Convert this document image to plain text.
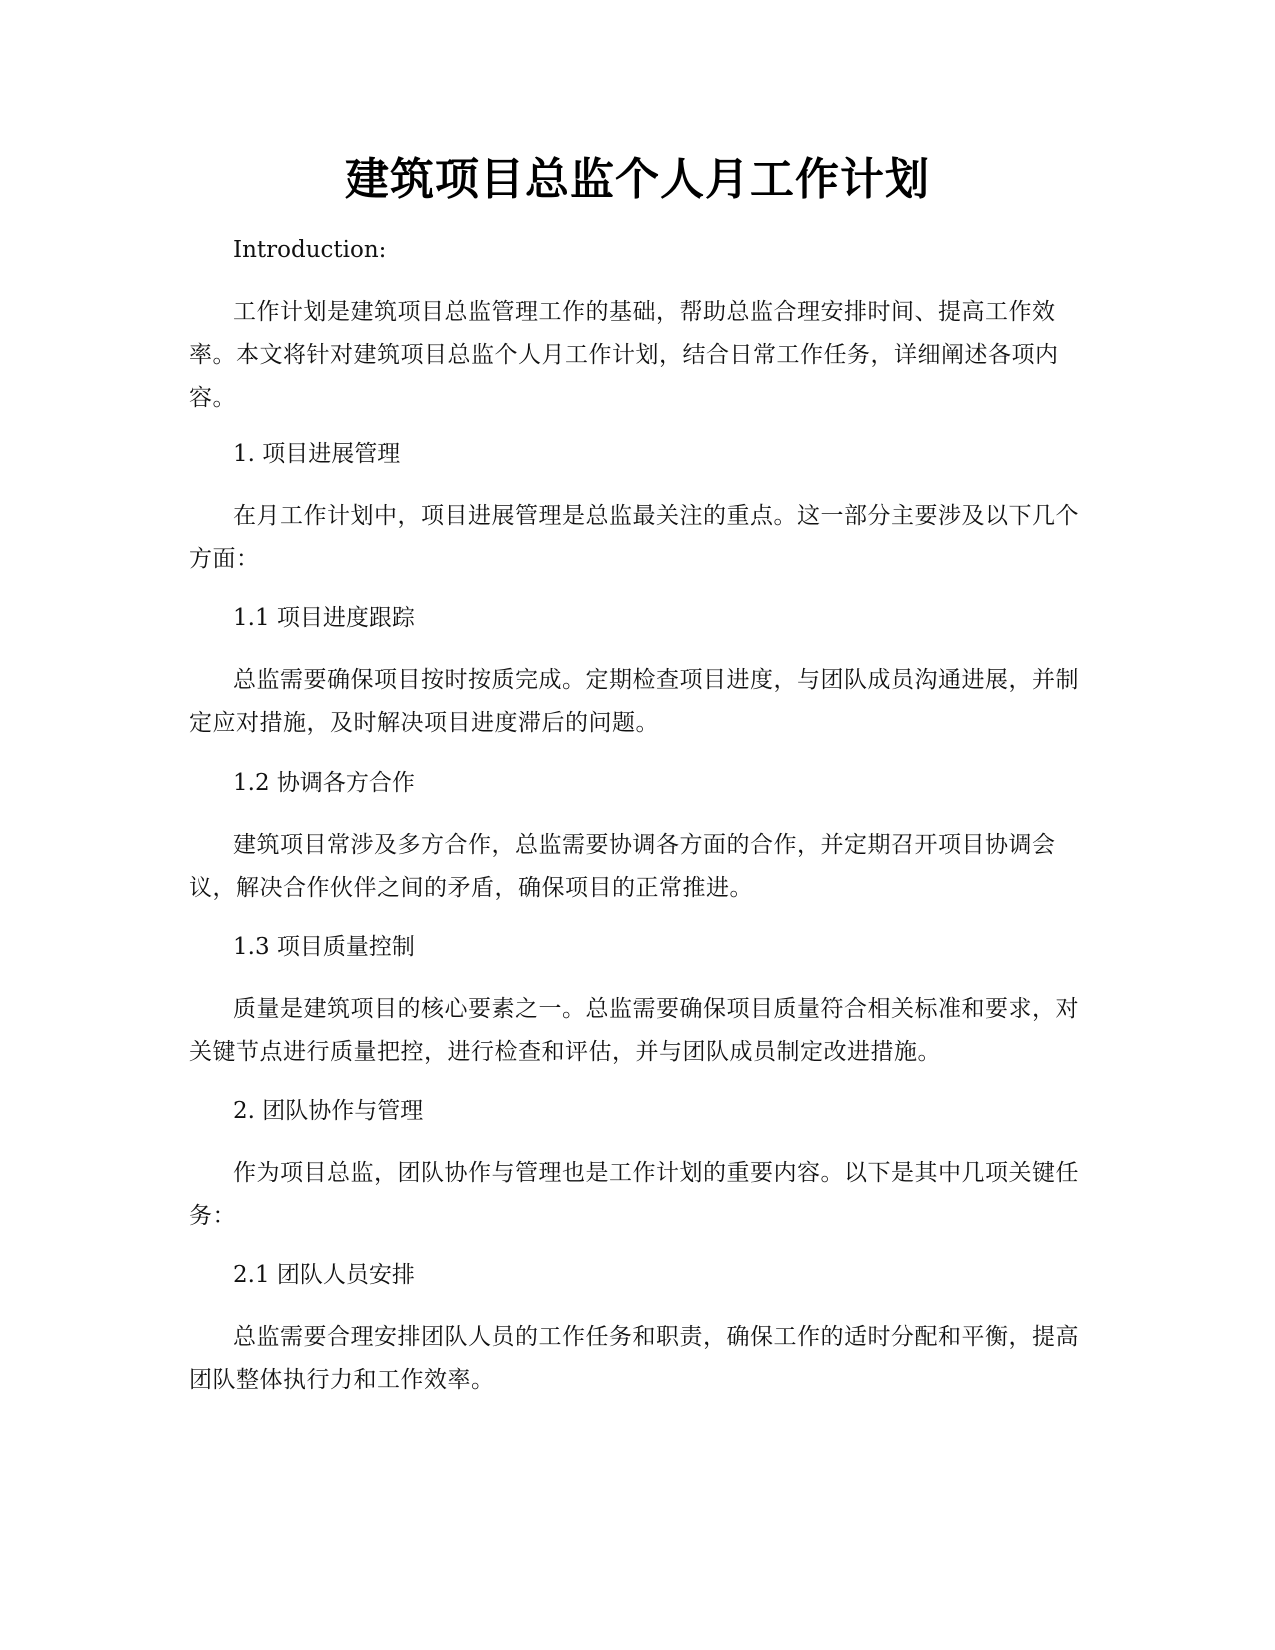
建筑项目总监个人月工作计划
Introduction:

工作计划是建筑项目总监管理工作的基础，帮助总监合理安排时间、提高工作效率。本文将针对建筑项目总监个人月工作计划，结合日常工作任务，详细阐述各项内容。

1. 项目进展管理

在月工作计划中，项目进展管理是总监最关注的重点。这一部分主要涉及以下几个方面：

1.1 项目进度跟踪

总监需要确保项目按时按质完成。定期检查项目进度，与团队成员沟通进展，并制定应对措施，及时解决项目进度滞后的问题。

1.2 协调各方合作

建筑项目常涉及多方合作，总监需要协调各方面的合作，并定期召开项目协调会议，解决合作伙伴之间的矛盾，确保项目的正常推进。

1.3 项目质量控制

质量是建筑项目的核心要素之一。总监需要确保项目质量符合相关标准和要求，对关键节点进行质量把控，进行检查和评估，并与团队成员制定改进措施。

2. 团队协作与管理

作为项目总监，团队协作与管理也是工作计划的重要内容。以下是其中几项关键任务：

2.1 团队人员安排

总监需要合理安排团队人员的工作任务和职责，确保工作的适时分配和平衡，提高团队整体执行力和工作效率。
